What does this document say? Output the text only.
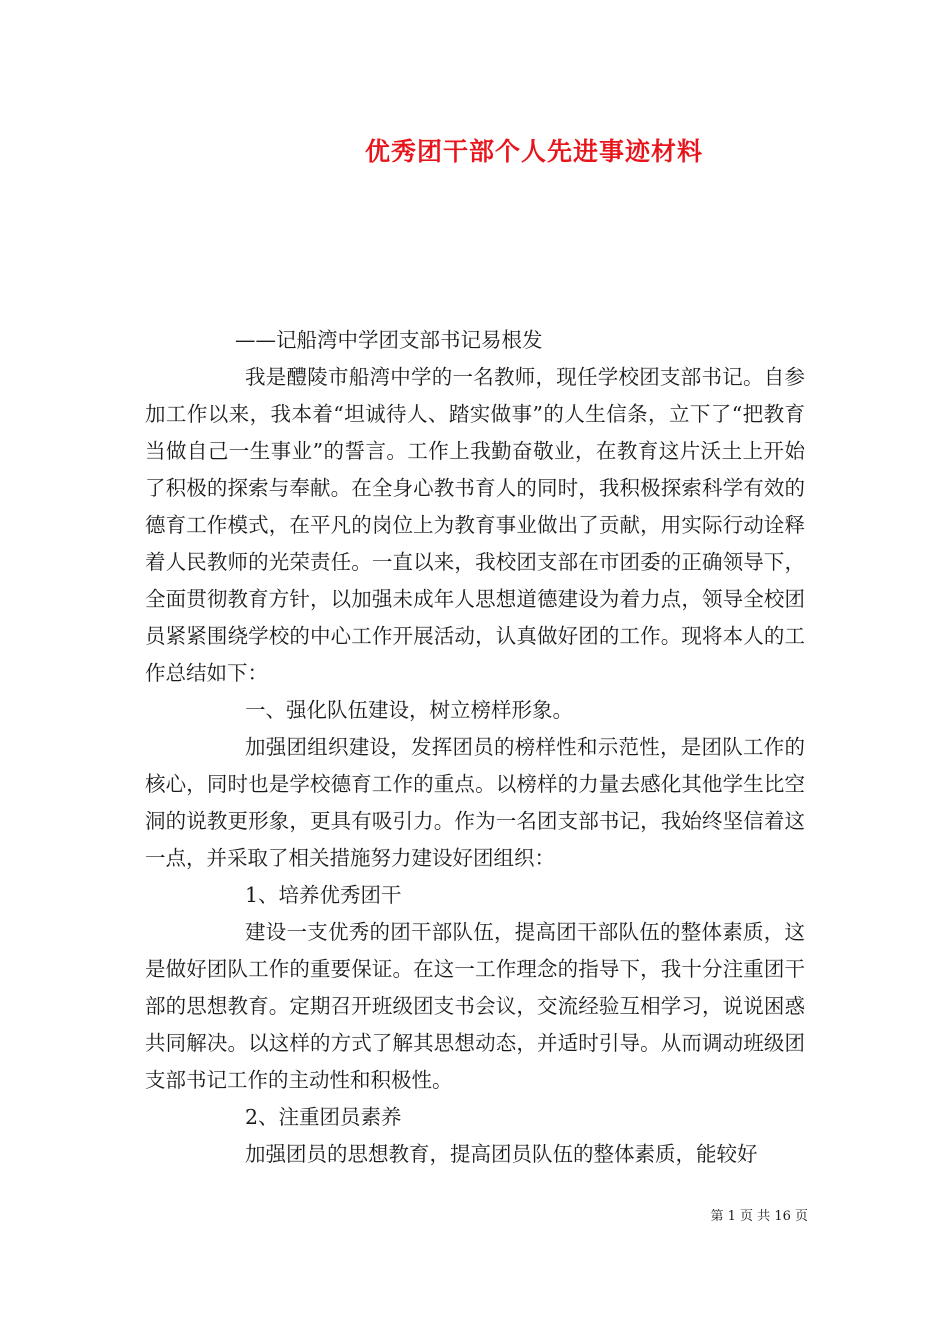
优秀团干部个人先进事迹材料
——记船湾中学团支部书记易根发

我是醴陵市船湾中学的一名教师，现任学校团支部书记。自参加工作以来，我本着“坦诚待人、踏实做事”的人生信条，立下了“把教育当做自己一生事业”的誓言。工作上我勤奋敬业，在教育这片沃土上开始了积极的探索与奉献。在全身心教书育人的同时，我积极探索科学有效的德育工作模式，在平凡的岗位上为教育事业做出了贡献，用实际行动诠释着人民教师的光荣责任。一直以来，我校团支部在市团委的正确领导下，全面贯彻教育方针，以加强未成年人思想道德建设为着力点，领导全校团员紧紧围绕学校的中心工作开展活动，认真做好团的工作。现将本人的工作总结如下：

一、强化队伍建设，树立榜样形象。

加强团组织建设，发挥团员的榜样性和示范性，是团队工作的核心，同时也是学校德育工作的重点。以榜样的力量去感化其他学生比空洞的说教更形象，更具有吸引力。作为一名团支部书记，我始终坚信着这一点，并采取了相关措施努力建设好团组织：

1、培养优秀团干

建设一支优秀的团干部队伍，提高团干部队伍的整体素质，这是做好团队工作的重要保证。在这一工作理念的指导下，我十分注重团干部的思想教育。定期召开班级团支书会议，交流经验互相学习，说说困惑共同解决。以这样的方式了解其思想动态，并适时引导。从而调动班级团支部书记工作的主动性和积极性。

2、注重团员素养

加强团员的思想教育，提高团员队伍的整体素质，能较好

第 1 页 共 16 页
